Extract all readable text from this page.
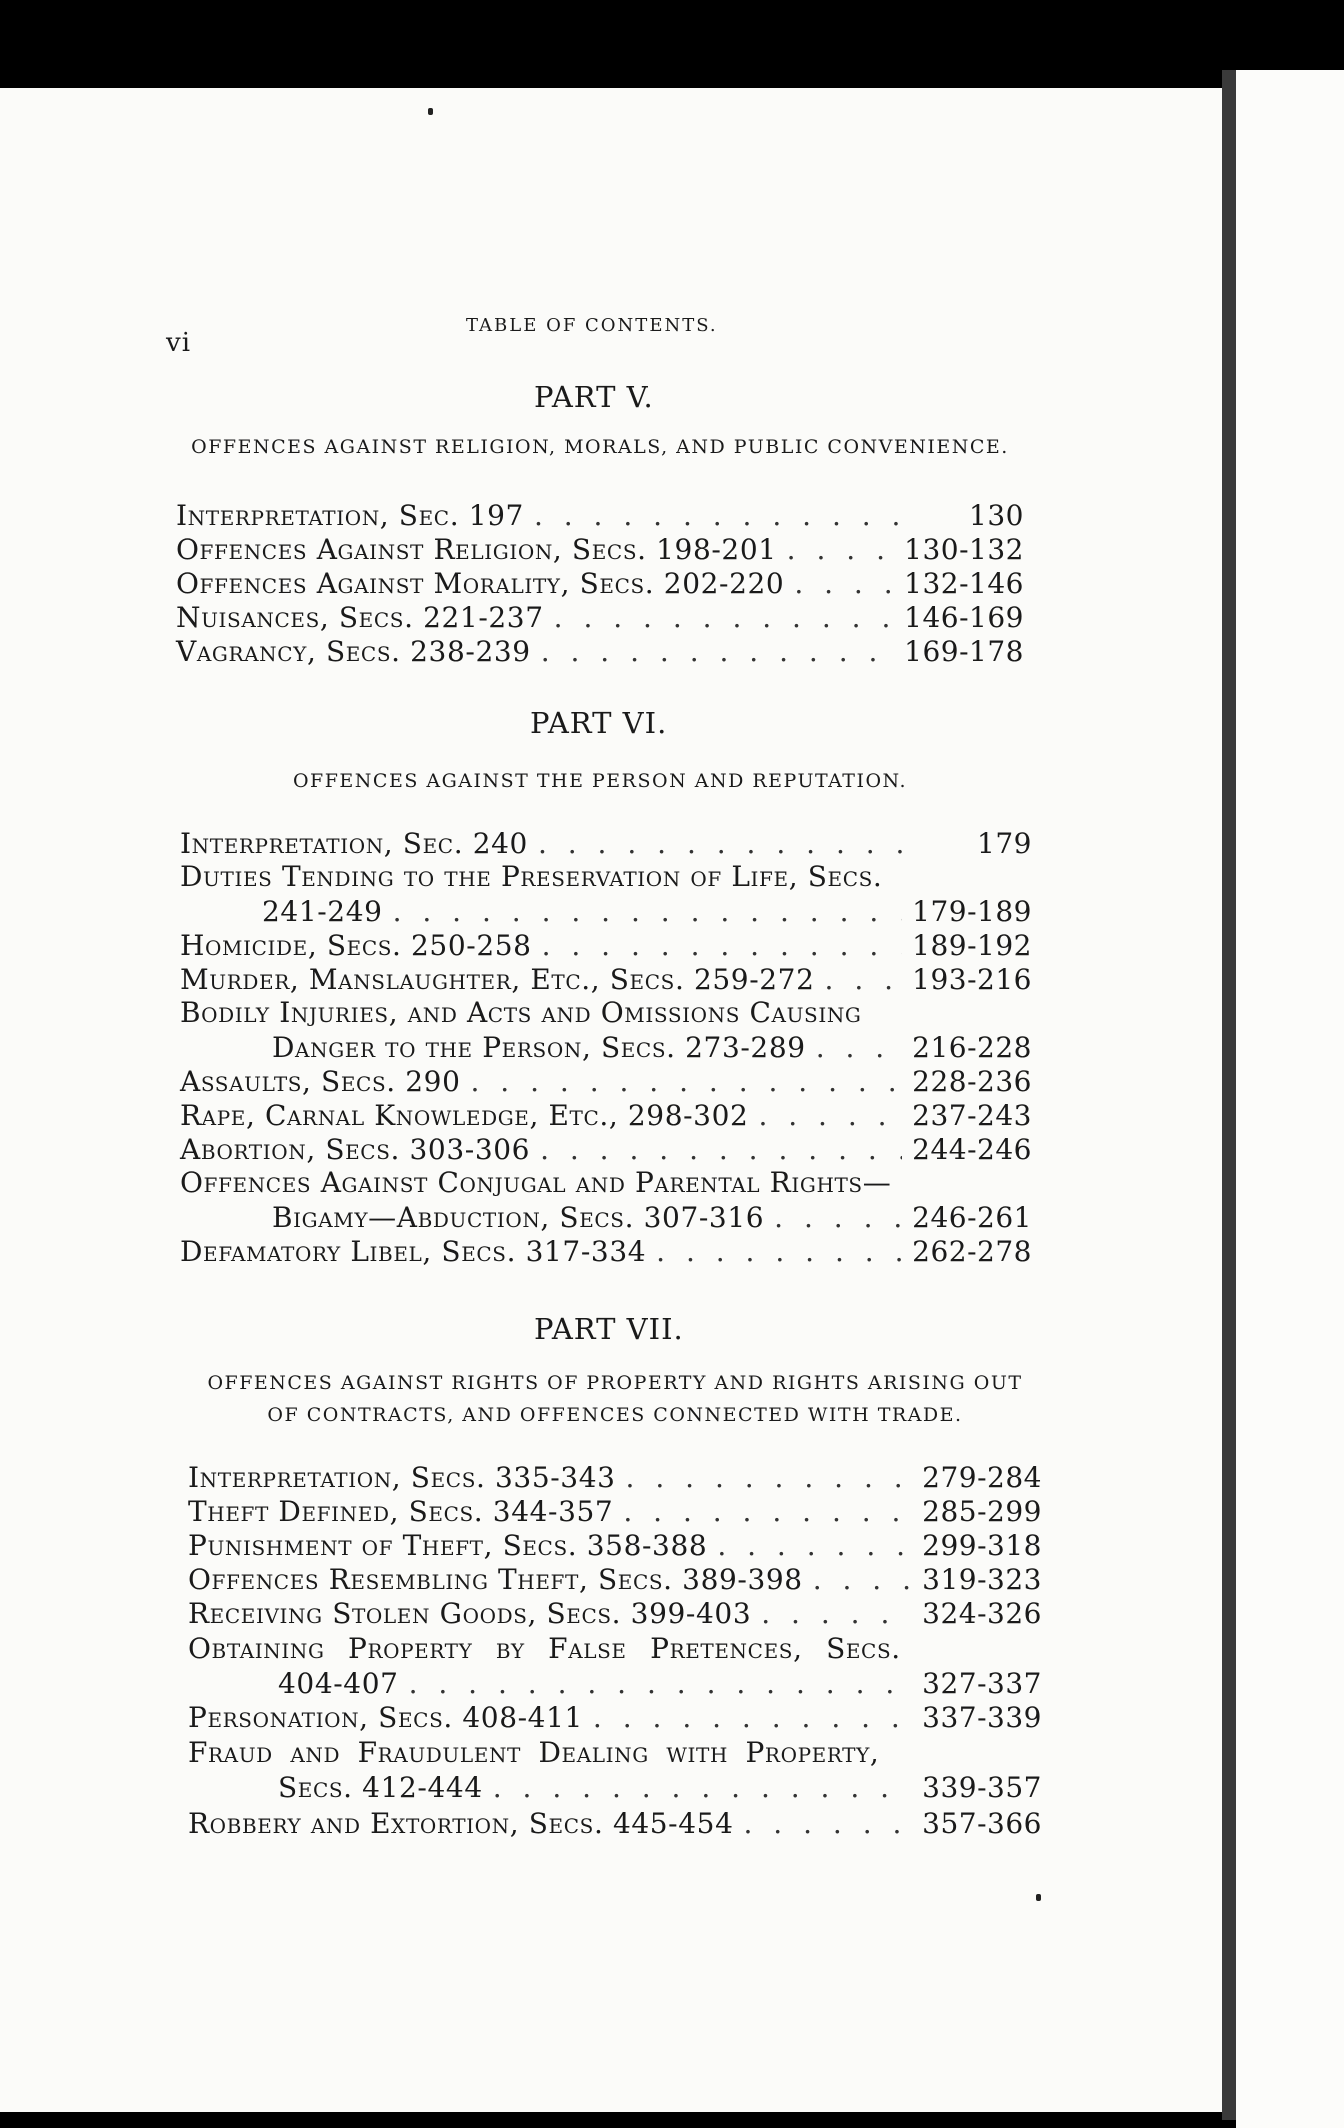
vi
TABLE OF CONTENTS.
PART V.
OFFENCES AGAINST RELIGION, MORALS, AND PUBLIC CONVENIENCE.
Interpretation, Sec. 197 . . .	130
Offences Against Religion, Secs. 198-201 . . .	130-132
Offences Against Morality, Secs. 202-220 . . .	132-146
Nuisances, Secs. 221-237 . . .	146-169
Vagrancy, Secs. 238-239 . . .	169-178
PART VI.
OFFENCES AGAINST THE PERSON AND REPUTATION.
Interpretation, Sec. 240 . . .	179
Duties Tending to the Preservation of Life, Secs.
241-249 . . .	179-189
Homicide, Secs. 250-258 . . .	189-192
Murder, Manslaughter, Etc., Secs. 259-272 . . .	193-216
Bodily Injuries, and Acts and Omissions Causing
Danger to the Person, Secs. 273-289 . . .	216-228
Assaults, Secs. 290 . . .	228-236
Rape, Carnal Knowledge, Etc., 298-302 . . .	237-243
Abortion, Secs. 303-306 . . .	244-246
Offences Against Conjugal and Parental Rights—
Bigamy—Abduction, Secs. 307-316 . . .	246-261
Defamatory Libel, Secs. 317-334 . . .	262-278
PART VII.
OFFENCES AGAINST RIGHTS OF PROPERTY AND RIGHTS ARISING OUT
OF CONTRACTS, AND OFFENCES CONNECTED WITH TRADE.
Interpretation, Secs. 335-343 . . .	279-284
Theft Defined, Secs. 344-357 . . .	285-299
Punishment of Theft, Secs. 358-388 . . .	299-318
Offences Resembling Theft, Secs. 389-398 . . .	319-323
Receiving Stolen Goods, Secs. 399-403 . . .	324-326
Obtaining Property by False Pretences, Secs.
404-407 . . .	327-337
Personation, Secs. 408-411 . . .	337-339
Fraud and Fraudulent Dealing with Property,
Secs. 412-444 . . .	339-357
Robbery and Extortion, Secs. 445-454 . . .	357-366
